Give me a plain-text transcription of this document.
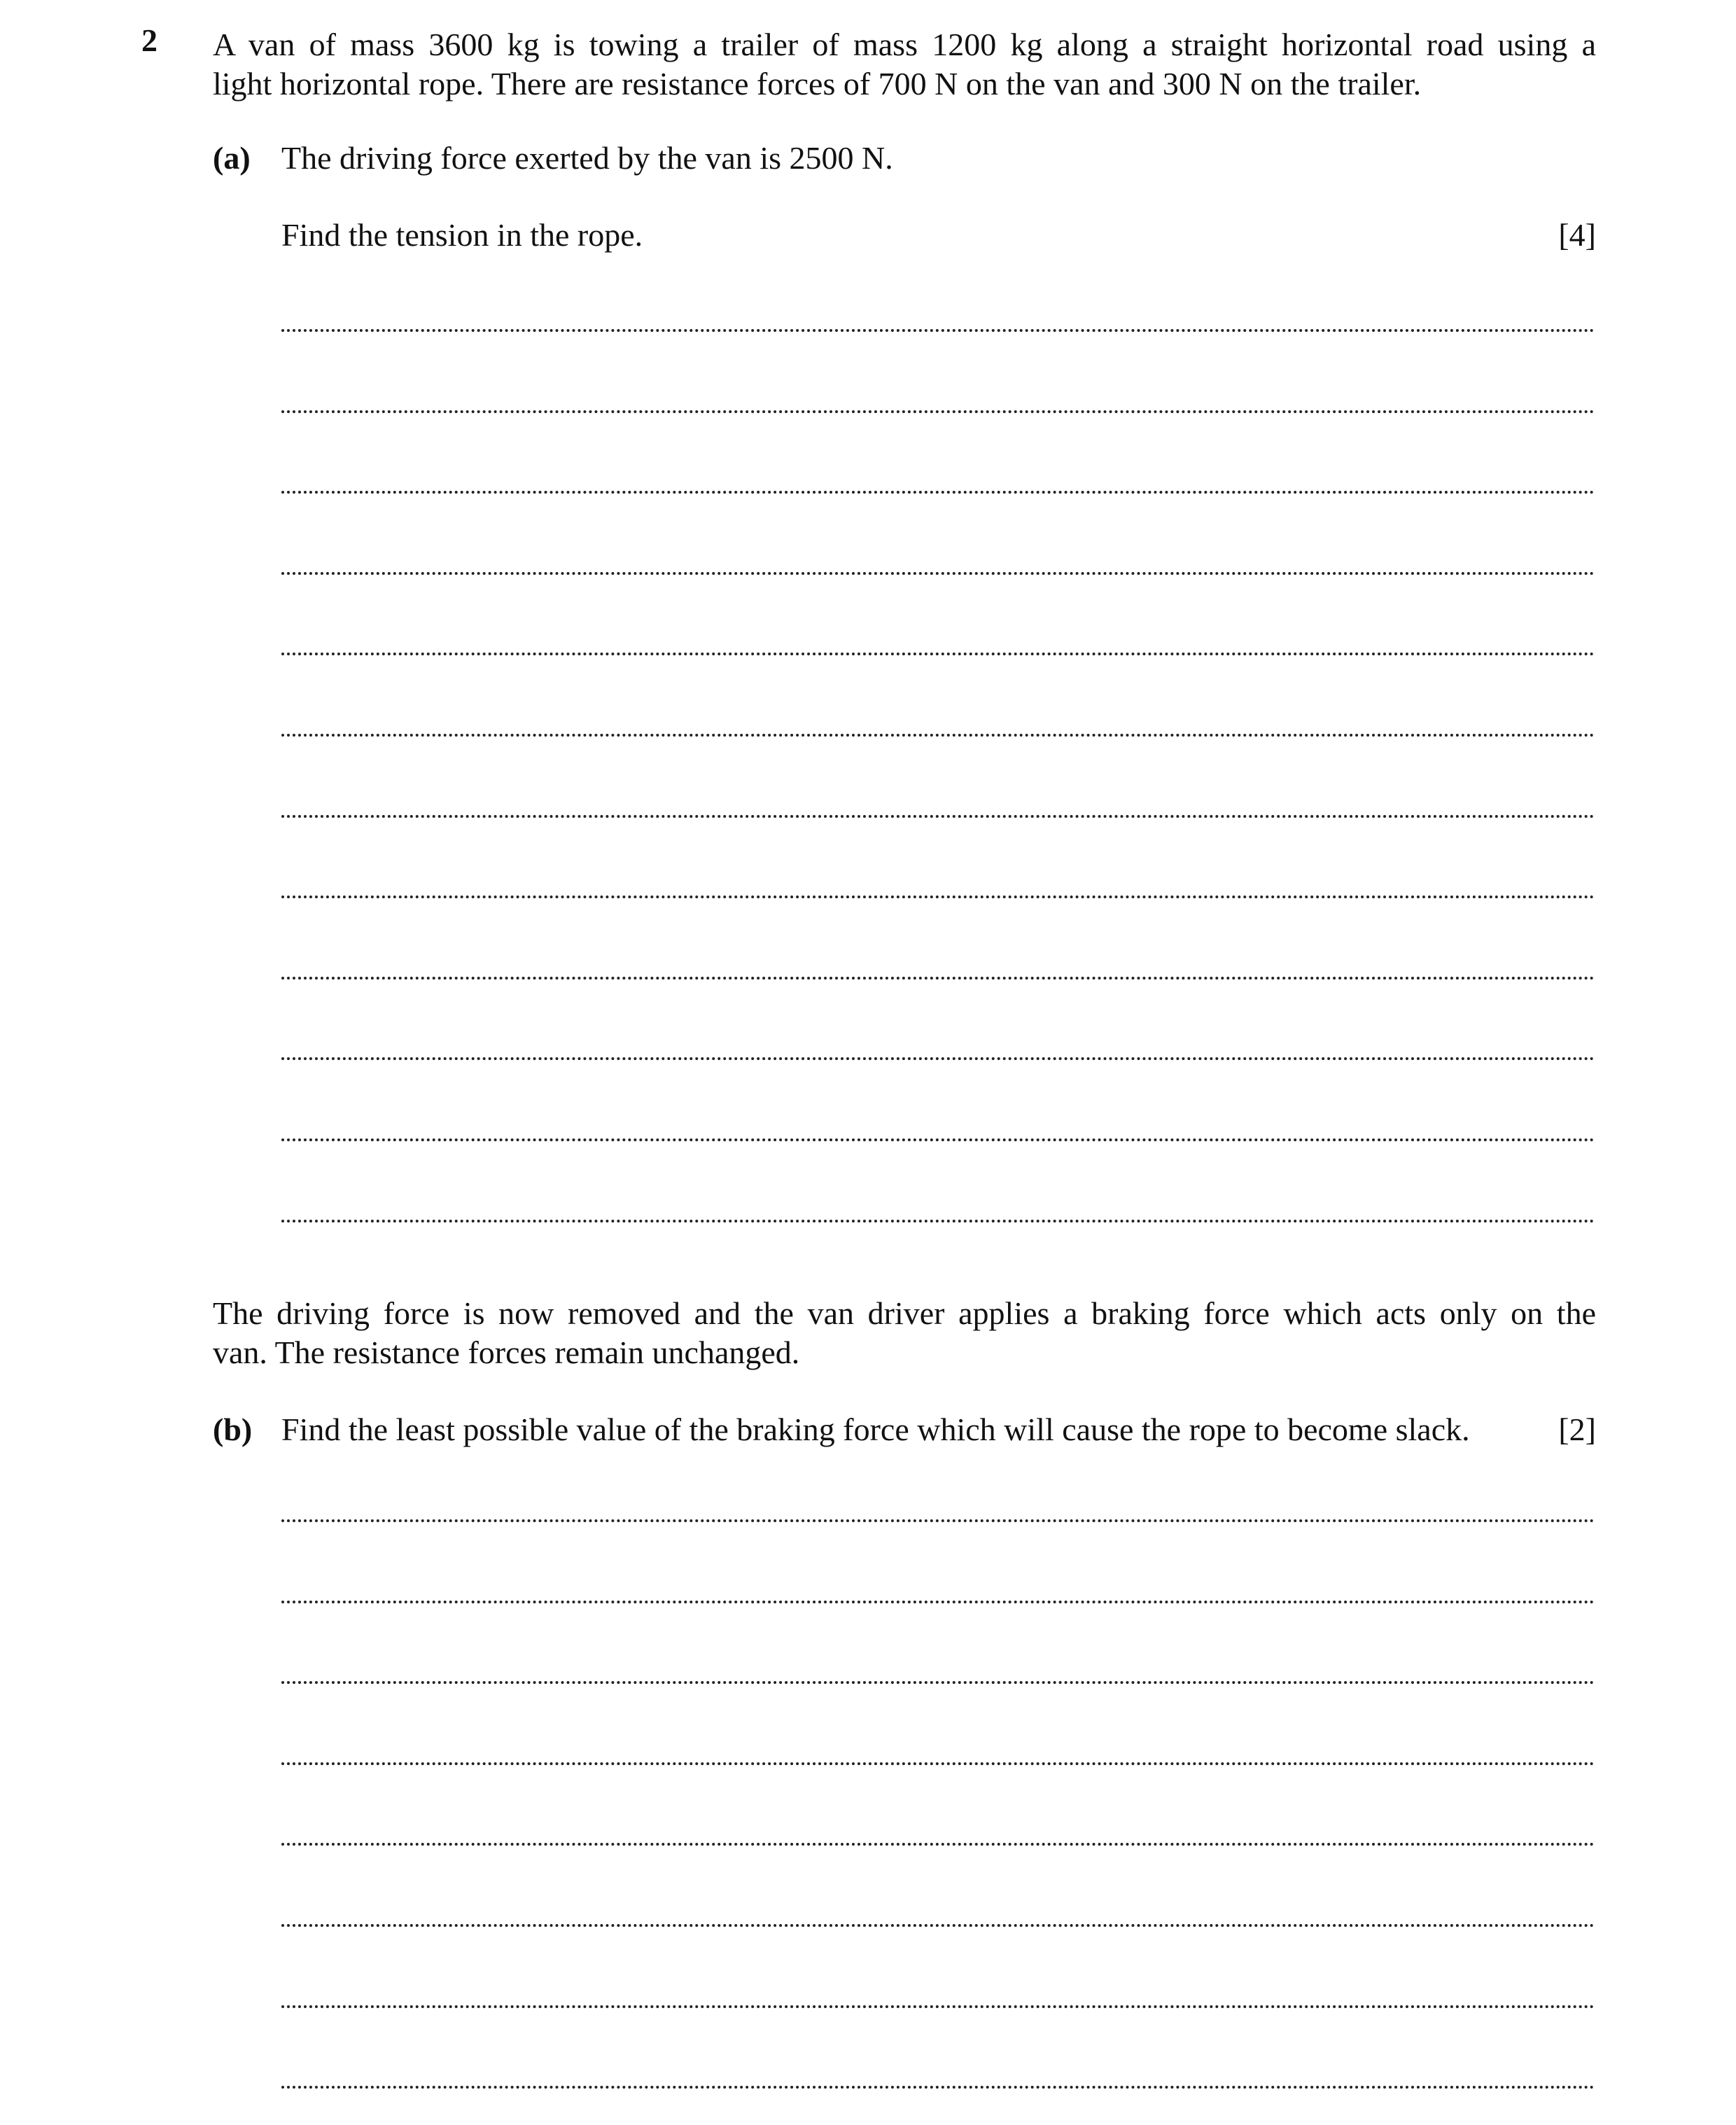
2 A van of mass 3600 kg is towing a trailer of mass 1200 kg along a straight horizontal road using a
light horizontal rope. There are resistance forces of 700 N on the van and 300 N on the trailer.
(a) The driving force exerted by the van is 2500 N.
Find the tension in the rope.	[4]
The driving force is now removed and the van driver applies a braking force which acts only on the
van. The resistance forces remain unchanged.
(b) Find the least possible value of the braking force which will cause the rope to become slack.	[2]
